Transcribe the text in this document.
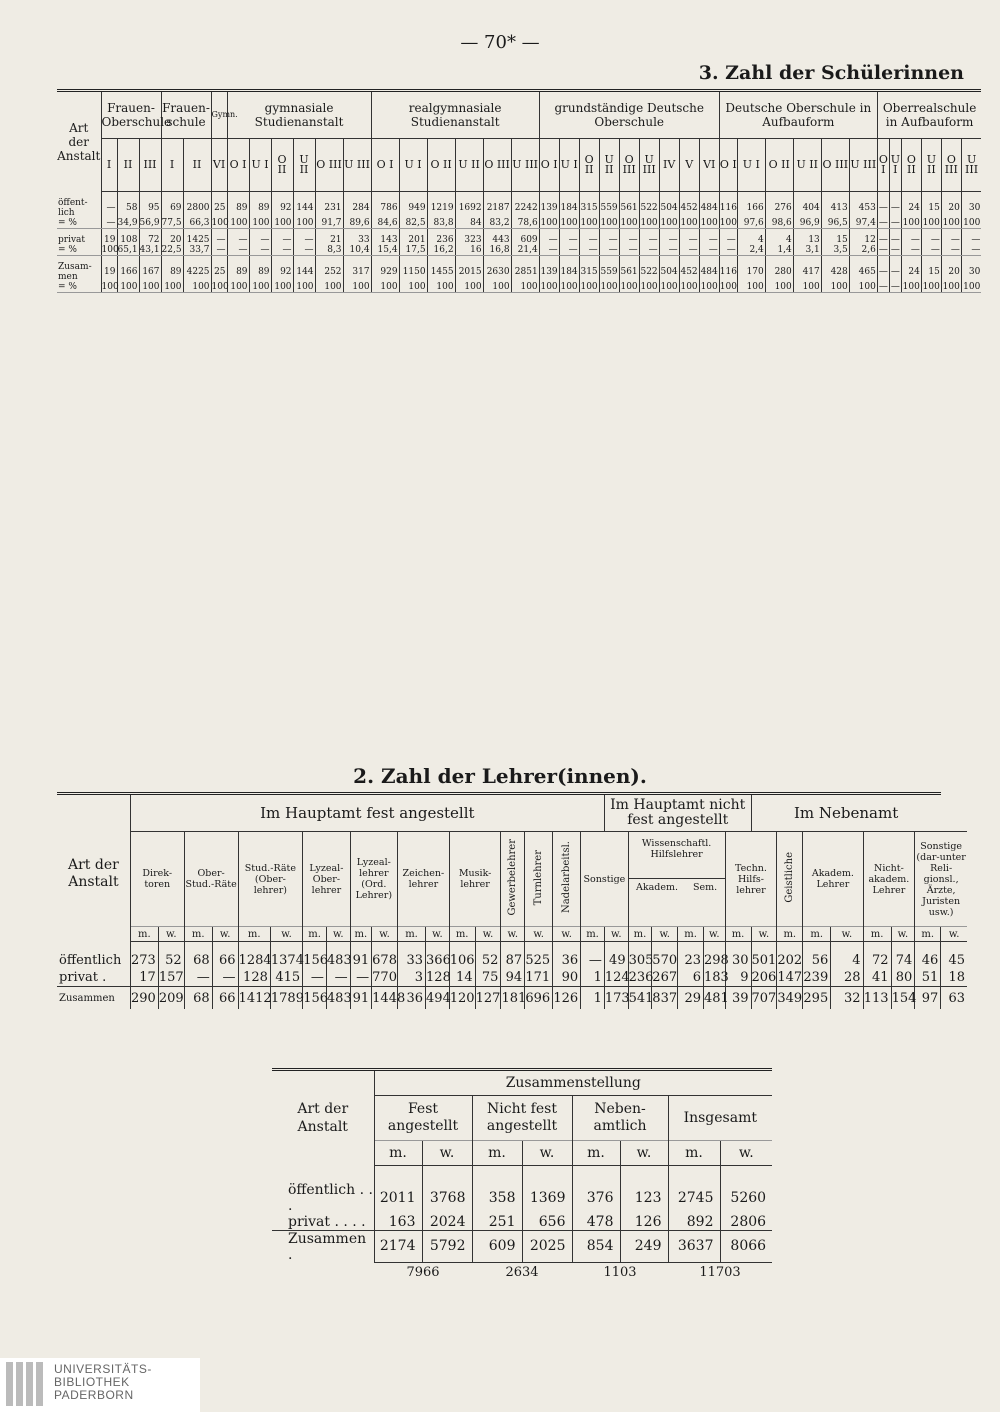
— 70* —
3. Zahl der Schülerinnen
Art der Anstalt	Frauen-Oberschule			Frauen-schule		Gymn.	gymnasiale Studienanstalt						realgymnasiale Studienanstalt						grundständige Deutsche Oberschule									Deutsche Oberschule in Aufbauform						Oberrealschule in Aufbauform					
	I	II	III	I	II	VI	O I	U I	O II	U II	O III	U III	O I	U I	O II	U II	O III	U III	O I	U I	O II	U II	O III	U III	IV	V	VI	O I	U I	O II	U II	O III	U III	O I	U I	O II	U II	O III	U III

öffent-lich	—	58	95	69	2800	25	89	89	92	144	231	284	786	949	1219	1692	2187	2242	139	184	315	559	561	522	504	452	484	116	166	276	404	413	453	—	—	24	15	20	30
= %	—	34,9	56,9	77,5	66,3	100	100	100	100	100	91,7	89,6	84,6	82,5	83,8	84	83,2	78,6	100	100	100	100	100	100	100	100	100	100	97,6	98,6	96,9	96,5	97,4	—	—	100	100	100	100

privat	19	108	72	20	1425	—	—	—	—	—	21	33	143	201	236	323	443	609	—	—	—	—	—	—	—	—	—	—	4	4	13	15	12	—	—	—	—	—	—
= %	100	65,1	43,1	22,5	33,7	—	—	—	—	—	8,3	10,4	15,4	17,5	16,2	16	16,8	21,4	—	—	—	—	—	—	—	—	—	—	2,4	1,4	3,1	3,5	2,6	—	—	—	—	—	—

Zusam-men	19	166	167	89	4225	25	89	89	92	144	252	317	929	1150	1455	2015	2630	2851	139	184	315	559	561	522	504	452	484	116	170	280	417	428	465	—	—	24	15	20	30
= %	100	100	100	100	100	100	100	100	100	100	100	100	100	100	100	100	100	100	100	100	100	100	100	100	100	100	100	100	100	100	100	100	100	—	—	100	100	100	100
2. Zahl der Lehrer(innen).
Art der Anstalt	Im Hauptamt fest angestellt																		Im Hauptamt nicht fest angestellt						Im Nebenamt							
	Direk-toren		Ober-Stud.-Räte		Stud.-Räte (Ober-lehrer)		Lyzeal-Ober-lehrer		Lyzeal-lehrer (Ord. Lehrer)		Zeichen-lehrer		Musik-lehrer		Gewerbelehrer	Turnlehrer	Nadelarbeitsl.	Sonstige		Wissenschaftl. Hilfslehrer
Akadem. Sem.				Techn. Hilfs-lehrer		Geistliche	Akadem. Lehrer		Nicht-akadem. Lehrer		Sonstige (dar-unter Reli-gionsl., Ärzte, Juristen usw.)	
	m.	w.	m.	w.	m.	w.	m.	w.	m.	w.	m.	w.	m.	w.	w.	w.	w.	m.	w.	m.	w.	m.	w.	m.	w.	m.	m.	w.	m.	w.	m.	w.

öffentlich	273	52	68	66	1284	1374	156	483	91	678	33	366	106	52	87	525	36	—	49	305	570	23	298	30	501	202	56	4	72	74	46	45
privat .	17	157	—	—	128	415	—	—	—	770	3	128	14	75	94	171	90	1	124	236	267	6	183	9	206	147	239	28	41	80	51	18
Zusammen	290	209	68	66	1412	1789	156	483	91	1448	36	494	120	127	181	696	126	1	173	541	837	29	481	39	707	349	295	32	113	154	97	63
Art der Anstalt	Zusammenstellung							
	Fest angestellt		Nicht fest angestellt		Neben-amtlich		Insgesamt	
	m.	w.	m.	w.	m.	w.	m.	w.

öffentlich . . .	2011	3768	358	1369	376	123	2745	5260
privat . . . .	163	2024	251	656	478	126	892	2806
Zusammen .	2174	5792	609	2025	854	249	3637	8066
	7966		2634		1103		11703	
UNIVERSITÄTS-
BIBLIOTHEK
PADERBORN
